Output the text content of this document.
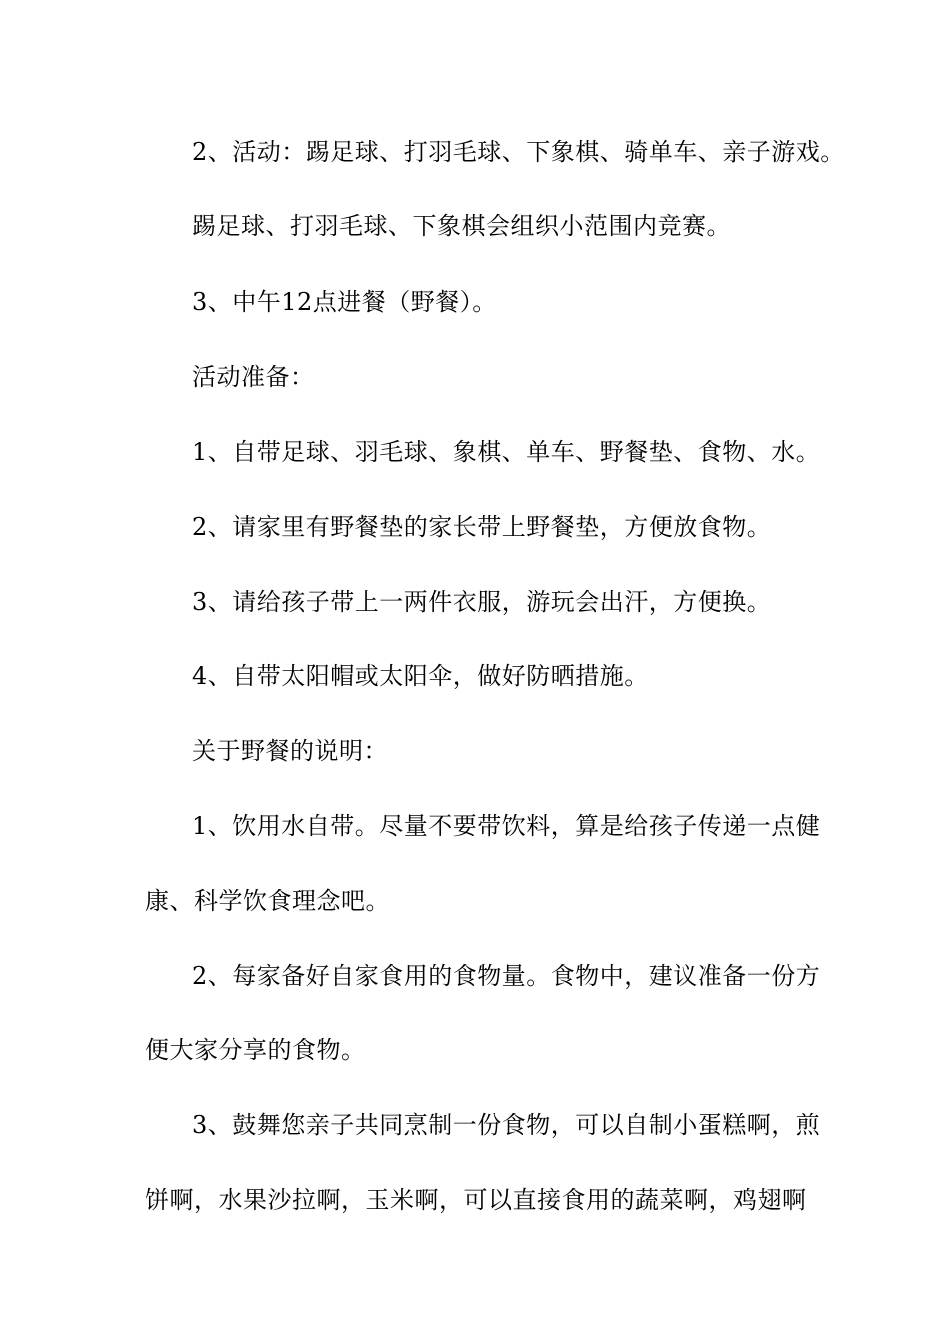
2、活动：踢足球、打羽毛球、下象棋、骑单车、亲子游戏。
踢足球、打羽毛球、下象棋会组织小范围内竞赛。
3、中午12点进餐（野餐）。
活动准备：
1、自带足球、羽毛球、象棋、单车、野餐垫、食物、水。
2、请家里有野餐垫的家长带上野餐垫，方便放食物。
3、请给孩子带上一两件衣服，游玩会出汗，方便换。
4、自带太阳帽或太阳伞，做好防晒措施。
关于野餐的说明：
1、饮用水自带。尽量不要带饮料，算是给孩子传递一点健
康、科学饮食理念吧。
2、每家备好自家食用的食物量。食物中，建议准备一份方
便大家分享的食物。
3、鼓舞您亲子共同烹制一份食物，可以自制小蛋糕啊，煎
饼啊，水果沙拉啊，玉米啊，可以直接食用的蔬菜啊，鸡翅啊
